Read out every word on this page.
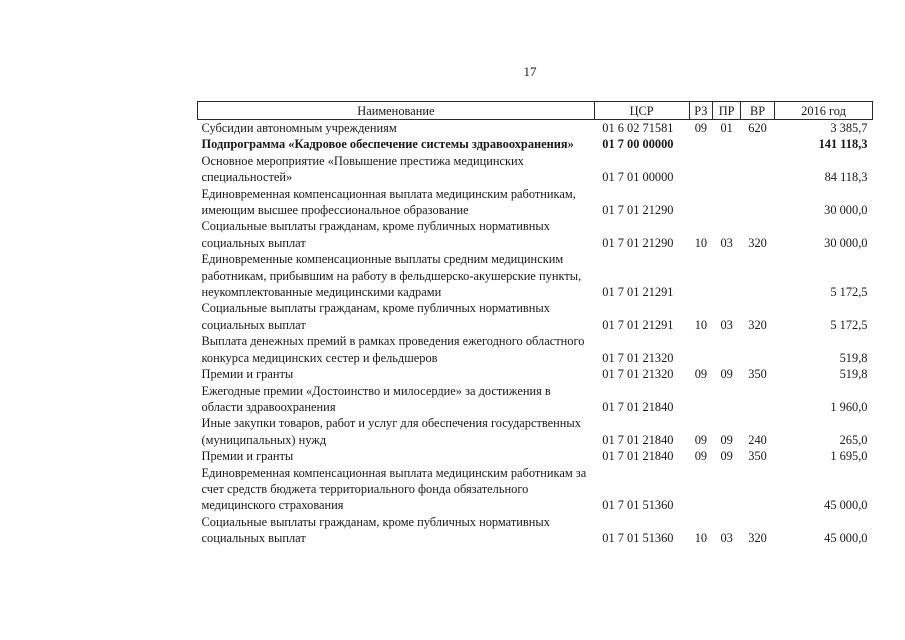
17
Наименование	ЦСР	РЗ	ПР	ВР	2016 год
Субсидии автономным учреждениям	01 6 02 71581	09	01	620	3 385,7
Подпрограмма «Кадровое обеспечение системы здравоохранения»	01 7 00 00000				141 118,3
Основное мероприятие «Повышение престижа медицинских специальностей»	01 7 01 00000				84 118,3
Единовременная компенсационная выплата медицинским работникам, имеющим высшее профессиональное образование	01 7 01 21290				30 000,0
Социальные выплаты гражданам, кроме публичных нормативных социальных выплат	01 7 01 21290	10	03	320	30 000,0
Единовременные компенсационные выплаты средним медицинским работникам, прибывшим на работу в фельдшерско-акушерские пункты, неукомплектованные медицинскими кадрами	01 7 01 21291				5 172,5
Социальные выплаты гражданам, кроме публичных нормативных социальных выплат	01 7 01 21291	10	03	320	5 172,5
Выплата денежных премий в рамках проведения ежегодного областного конкурса медицинских сестер и фельдшеров	01 7 01 21320				519,8
Премии и гранты	01 7 01 21320	09	09	350	519,8
Ежегодные премии «Достоинство и милосердие» за достижения в области здравоохранения	01 7 01 21840				1 960,0
Иные закупки товаров, работ и услуг для обеспечения государственных (муниципальных) нужд	01 7 01 21840	09	09	240	265,0
Премии и гранты	01 7 01 21840	09	09	350	1 695,0
Единовременная компенсационная выплата медицинским работникам за счет средств бюджета территориального фонда обязательного медицинского страхования	01 7 01 51360				45 000,0
Социальные выплаты гражданам, кроме публичных нормативных социальных выплат	01 7 01 51360	10	03	320	45 000,0
